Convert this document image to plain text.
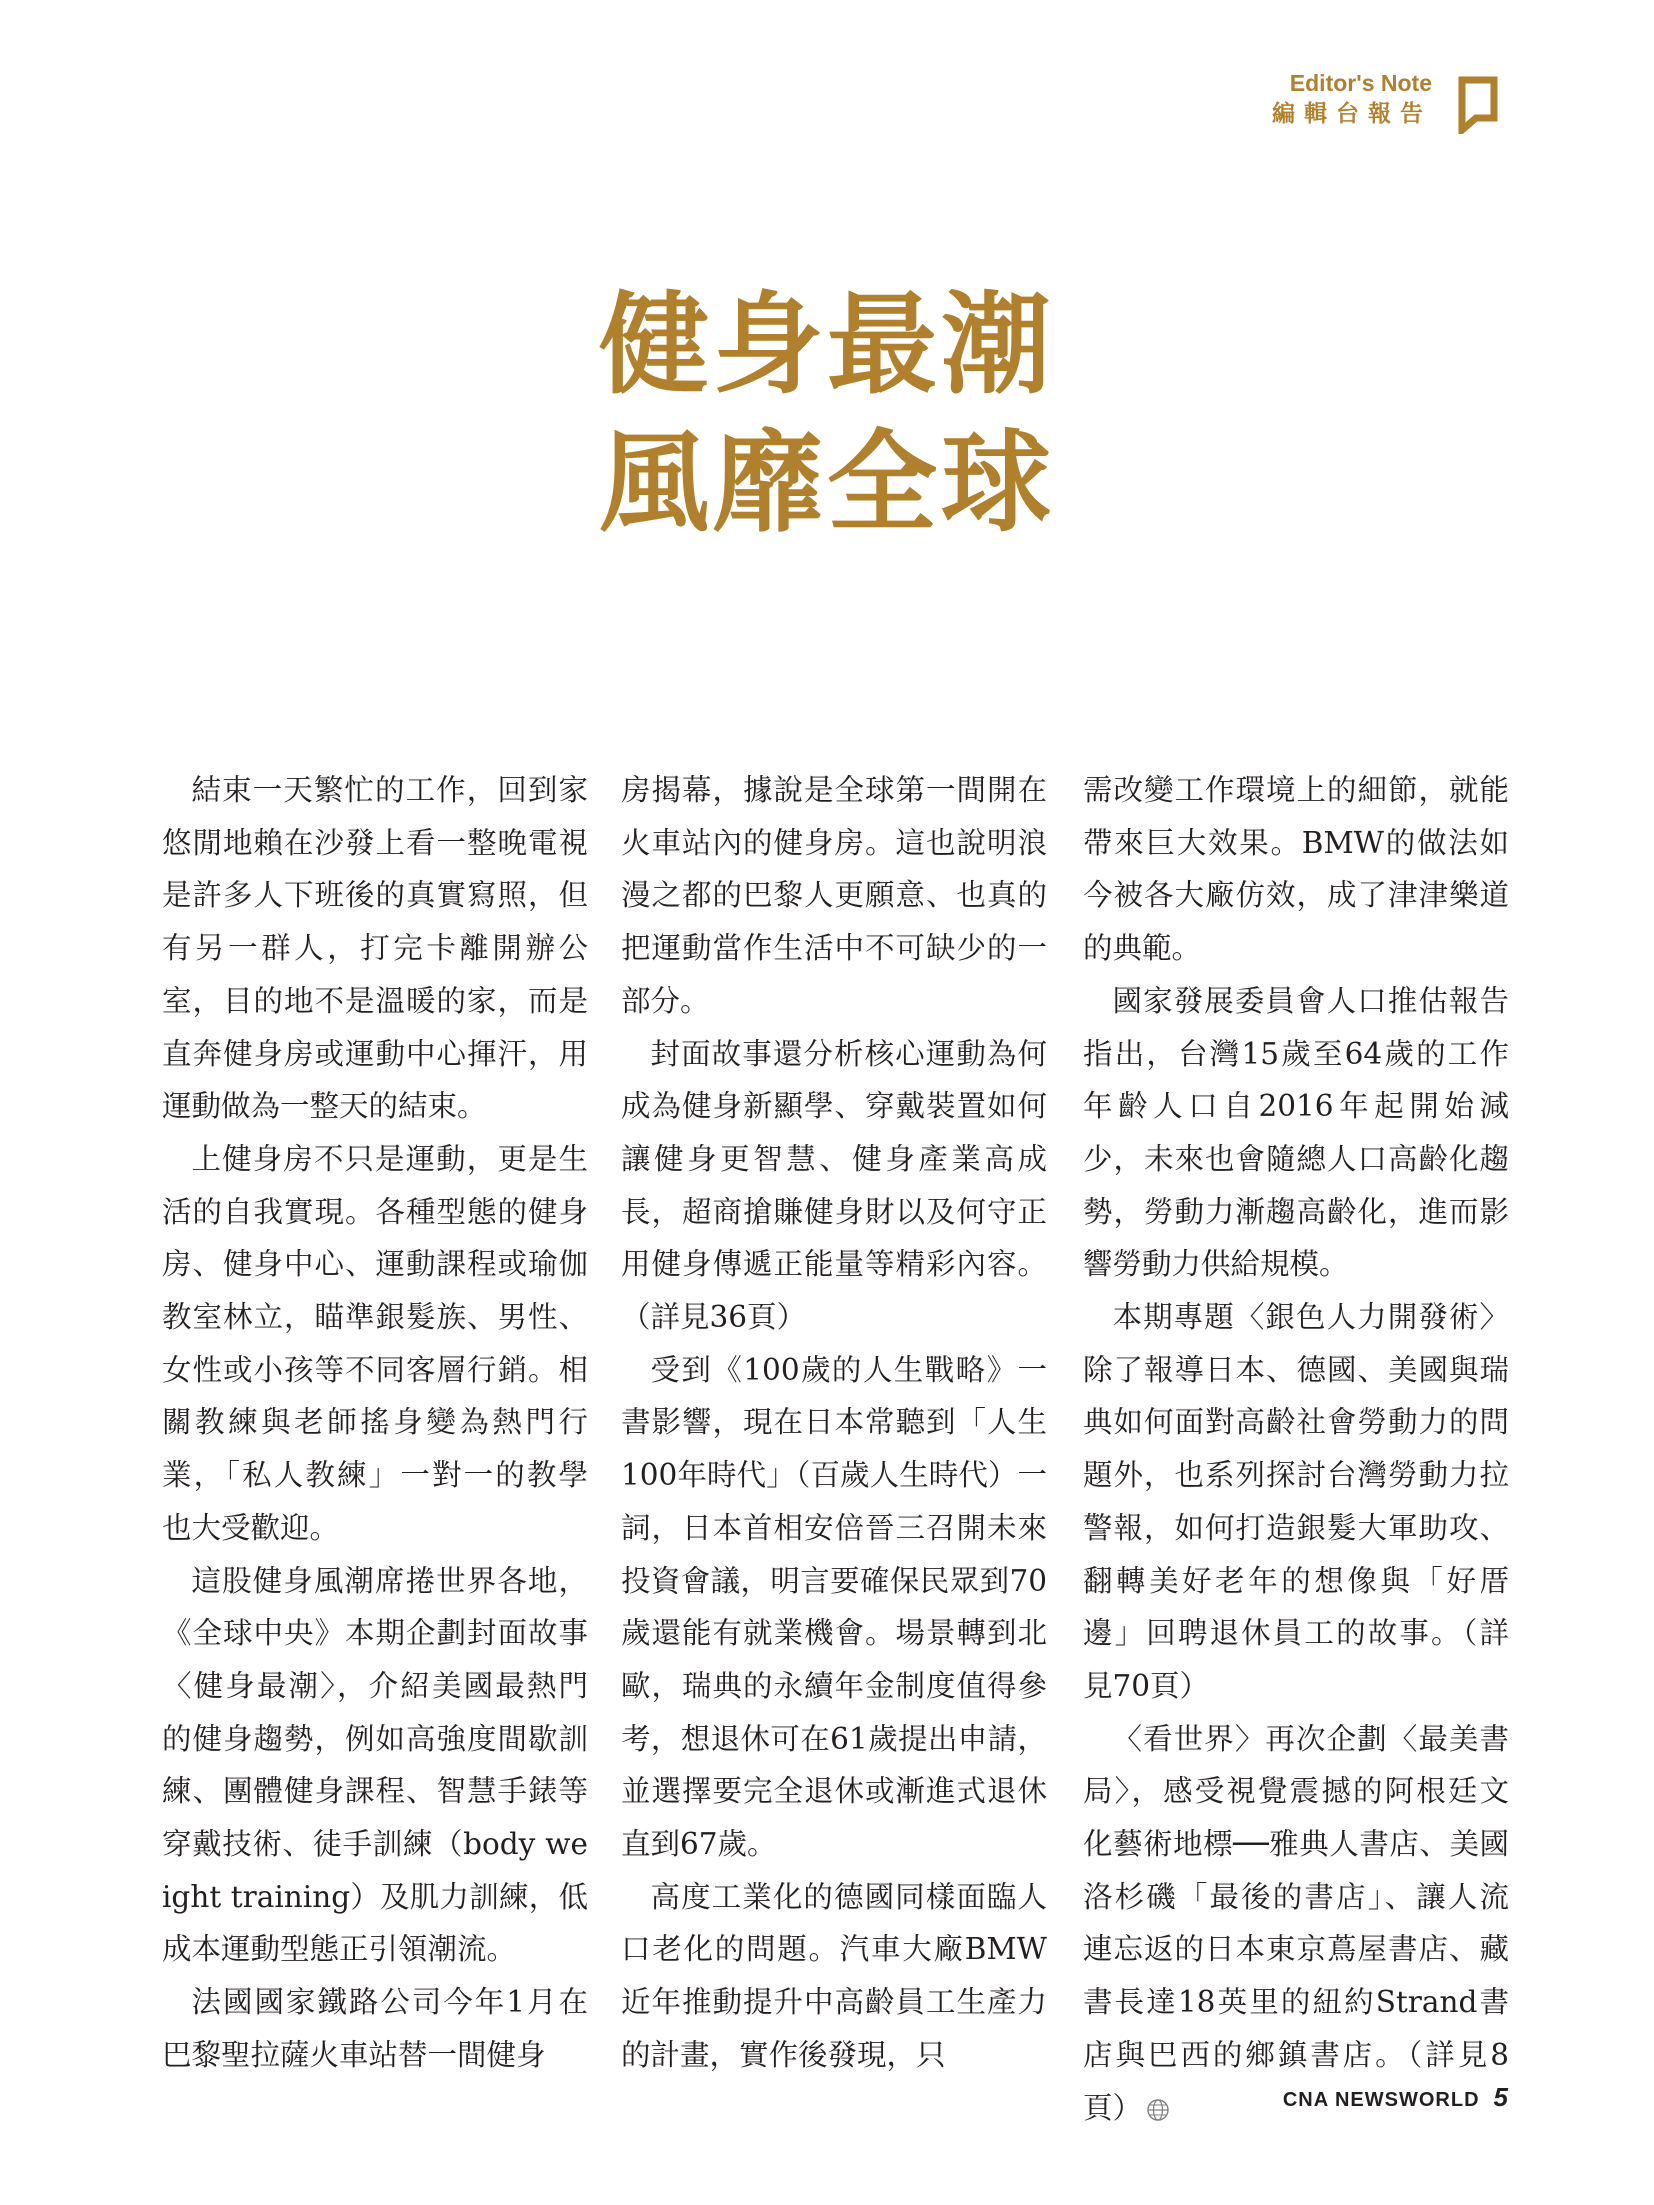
Editor's Note
編輯台報告
健身最潮
風靡全球

結束一天繁忙的工作，回到家悠閒地賴在沙發上看一整晚電視是許多人下班後的真實寫照，但有另一群人，打完卡離開辦公室，目的地不是溫暖的家，而是直奔健身房或運動中心揮汗，用運動做為一整天的結束。

上健身房不只是運動，更是生活的自我實現。各種型態的健身房、健身中心、運動課程或瑜伽教室林立，瞄準銀髮族、男性、女性或小孩等不同客層行銷。相關教練與老師搖身變為熱門行業，「私人教練」一對一的教學也大受歡迎。

這股健身風潮席捲世界各地，《全球中央》本期企劃封面故事〈健身最潮〉，介紹美國最熱門的健身趨勢，例如高強度間歇訓練、團體健身課程、智慧手錶等穿戴技術、徒手訓練（body weight training）及肌力訓練，低成本運動型態正引領潮流。

法國國家鐵路公司今年1月在巴黎聖拉薩火車站替一間健身

房揭幕，據說是全球第一間開在火車站內的健身房。這也說明浪漫之都的巴黎人更願意、也真的把運動當作生活中不可缺少的一部分。

封面故事還分析核心運動為何成為健身新顯學、穿戴裝置如何讓健身更智慧、健身產業高成長，超商搶賺健身財以及何守正用健身傳遞正能量等精彩內容。（詳見36頁）

受到《100歲的人生戰略》一書影響，現在日本常聽到「人生100年時代」（百歲人生時代）一詞，日本首相安倍晉三召開未來投資會議，明言要確保民眾到70歲還能有就業機會。場景轉到北歐，瑞典的永續年金制度值得參考，想退休可在61歲提出申請，並選擇要完全退休或漸進式退休直到67歲。

高度工業化的德國同樣面臨人口老化的問題。汽車大廠BMW近年推動提升中高齡員工生產力的計畫，實作後發現，只

需改變工作環境上的細節，就能帶來巨大效果。BMW的做法如今被各大廠仿效，成了津津樂道的典範。

國家發展委員會人口推估報告指出，台灣15歲至64歲的工作年齡人口自2016年起開始減少，未來也會隨總人口高齡化趨勢，勞動力漸趨高齡化，進而影響勞動力供給規模。

本期專題〈銀色人力開發術〉除了報導日本、德國、美國與瑞典如何面對高齡社會勞動力的問題外，也系列探討台灣勞動力拉警報，如何打造銀髮大軍助攻、翻轉美好老年的想像與「好厝邊」回聘退休員工的故事。（詳見70頁）

〈看世界〉再次企劃〈最美書局〉，感受視覺震撼的阿根廷文化藝術地標──雅典人書店、美國洛杉磯「最後的書店」、讓人流連忘返的日本東京蔦屋書店、藏書長達18英里的紐約Strand書店與巴西的鄉鎮書店。（詳見8頁）	CNA NEWSWORLD 5
